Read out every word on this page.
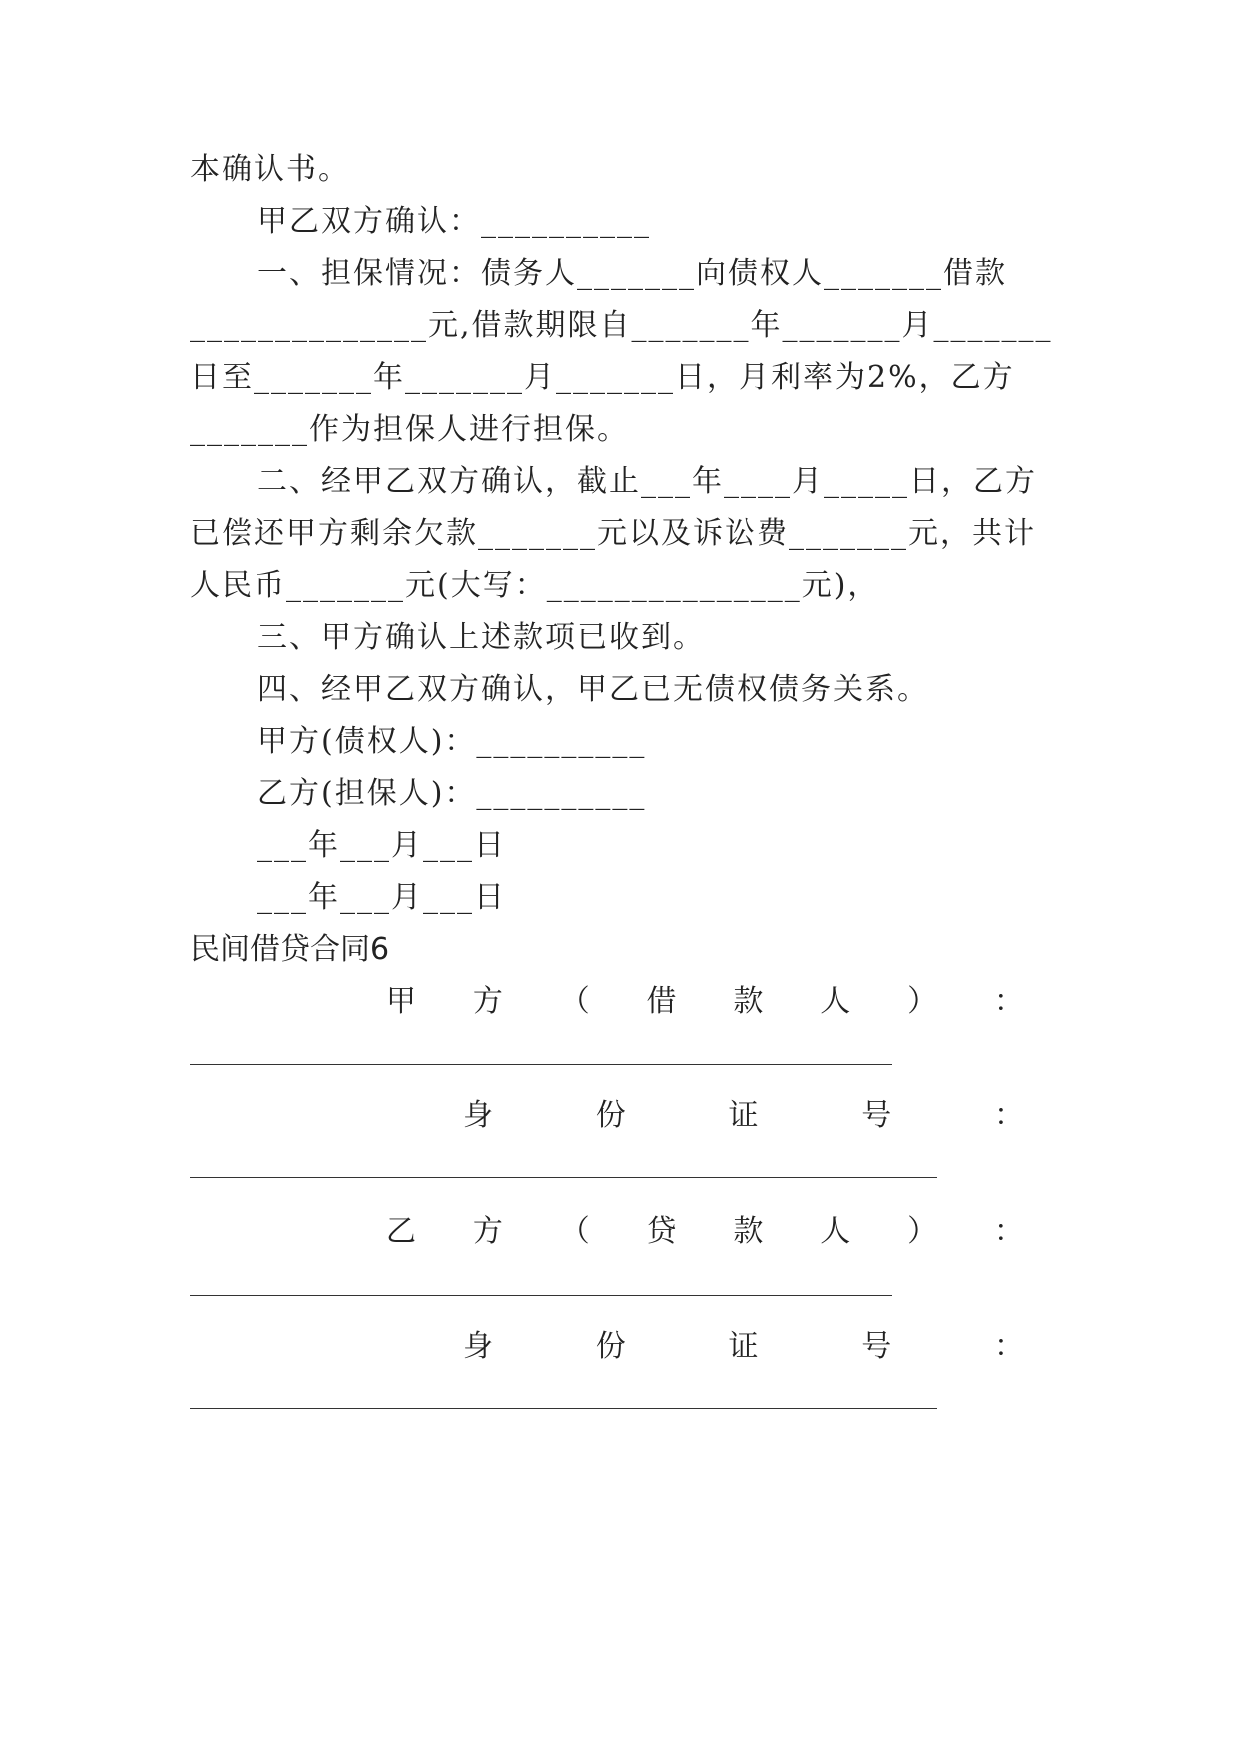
本确认书。
甲乙双方确认：__________
一、担保情况：债务人_______向债权人_______借款
______________元,借款期限自_______年_______月_______
日至_______年_______月_______日，月利率为2%，乙方
_______作为担保人进行担保。
二、经甲乙双方确认，截止___年____月_____日，乙方
已偿还甲方剩余欠款_______元以及诉讼费_______元，共计
人民币_______元(大写：_______________元)，
三、甲方确认上述款项已收到。
四、经甲乙双方确认，甲乙已无债权债务关系。
甲方(债权人)：__________
乙方(担保人)：__________
___年___月___日
___年___月___日
民间借贷合同6
甲 方 （ 借 款 人 ） ：
身	份	证	号	：
乙 方 （ 贷 款 人 ） ：
身	份	证	号	：
